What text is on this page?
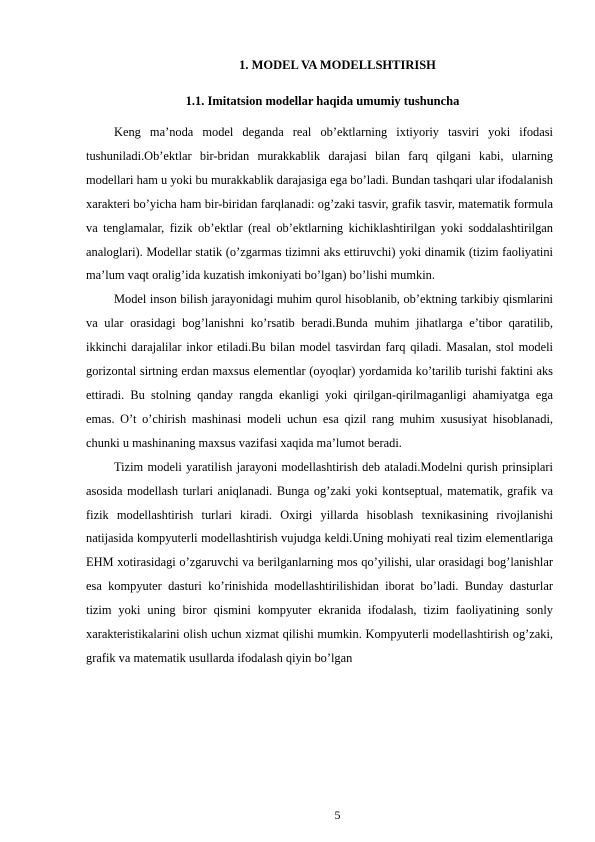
1. MODEL VA MODELLSHTIRISH
1.1. Imitatsion modellar haqida umumiy tushuncha

Keng ma’noda model deganda real ob’ektlarning ixtiyoriy tasviri yoki ifodasi tushuniladi.Ob’ektlar bir-bridan murakkablik darajasi bilan farq qilgani kabi, ularning modellari ham u yoki bu murakkablik darajasiga ega bo’ladi. Bundan tashqari ular ifodalanish xarakteri bo’yicha ham bir-biridan farqlanadi: og’zaki tasvir, grafik tasvir, matematik formula va tenglamalar, fizik ob’ektlar (real ob’ektlarning kichiklashtirilgan yoki soddalashtirilgan analoglari). Modellar statik (o’zgarmas tizimni aks ettiruvchi) yoki dinamik (tizim faoliyatini ma’lum vaqt oralig’ida kuzatish imkoniyati bo’lgan) bo’lishi mumkin.

Model inson bilish jarayonidagi muhim qurol hisoblanib, ob’ektning tarkibiy qismlarini va ular orasidagi bog’lanishni ko’rsatib beradi.Bunda muhim jihatlarga e’tibor qaratilib, ikkinchi darajalilar inkor etiladi.Bu bilan model tasvirdan farq qiladi. Masalan, stol modeli gorizontal sirtning erdan maxsus elementlar (oyoqlar) yordamida ko’tarilib turishi faktini aks ettiradi. Bu stolning qanday rangda ekanligi yoki qirilgan-qirilmaganligi ahamiyatga ega emas. O’t o’chirish mashinasi modeli uchun esa qizil rang muhim xususiyat hisoblanadi, chunki u mashinaning maxsus vazifasi xaqida ma’lumot beradi.

Tizim modeli yaratilish jarayoni modellashtirish deb ataladi.Modelni qurish prinsiplari asosida modellash turlari aniqlanadi. Bunga og’zaki yoki kontseptual, matematik, grafik va fizik modellashtirish turlari kiradi. Oxirgi yillarda hisoblash texnikasining rivojlanishi natijasida kompyuterli modellashtirish vujudga keldi.Uning mohiyati real tizim elementlariga EHM xotirasidagi o’zgaruvchi va berilganlarning mos qo’yilishi, ular orasidagi bog’lanishlar esa kompyuter dasturi ko’rinishida modellashtirilishidan iborat bo’ladi. Bunday dasturlar tizim yoki uning biror qismini kompyuter ekranida ifodalash, tizim faoliyatining sonly xarakteristikalarini olish uchun xizmat qilishi mumkin. Kompyuterli modellashtirish og’zaki, grafik va matematik usullarda ifodalash qiyin bo’lgan

5
